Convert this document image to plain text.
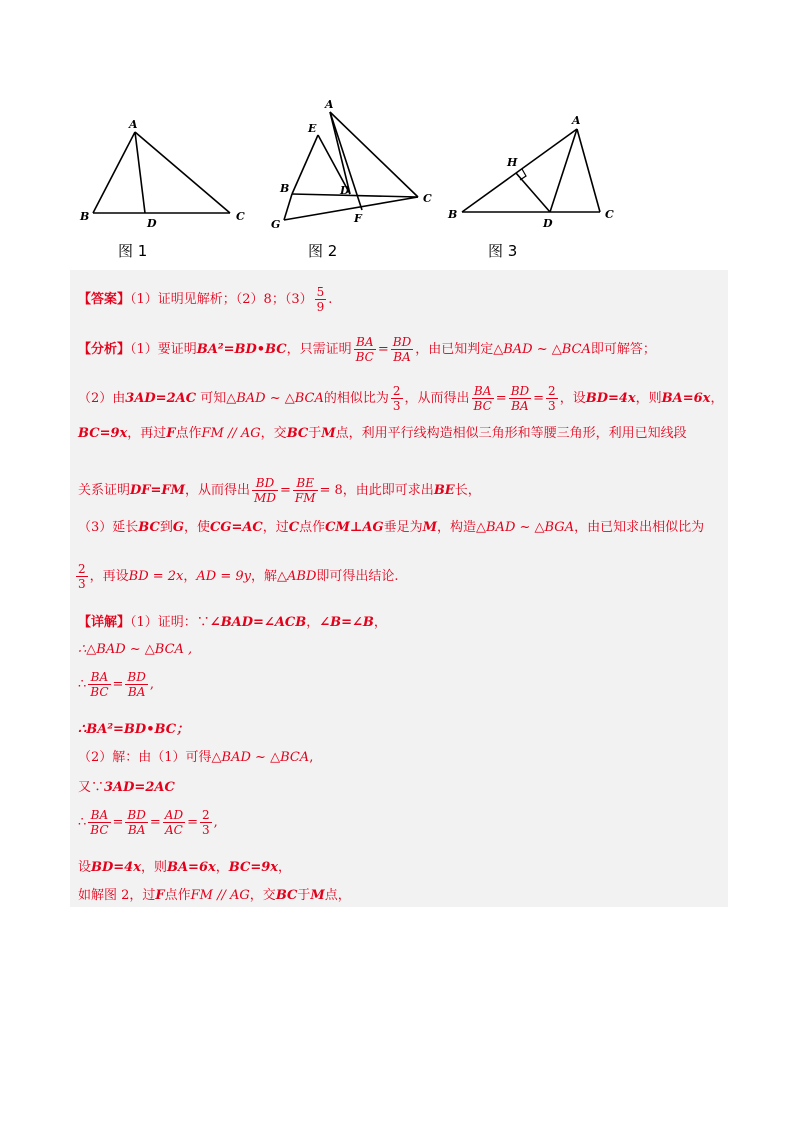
A
B	C
D
图 1
A
E
B	D
C
G	F
图 2
A
H
B
D
C
图 3
【答案】（1）证明见解析；（2）8；$(3) \frac{5}{9}$ .
【分析】（1）要证明BA²=BD•BC，只需证明 $\frac{BA}{BC} = \frac{BD}{BA}$ ，由已知判定△BAD ~ △BCA即可解答；
（2）由3AD=2AC 可知△BAD ~ △BCA的相似比为 $\frac{2}{3}$ ，从而得出 $\frac{BA}{BC} = \frac{BD}{BA} = \frac{2}{3}$ ，设BD=4x，则BA=6x，
BC=9x，再过F点作FM // AG，交BC于M点，利用平行线构造相似三角形和等腰三角形，利用已知线段
关系证明DF=FM，从而得出 $\frac{BD}{MD} = \frac{BE}{FM} = 8$，由此即可求出BE长，
（3）延长BC到G，使CG=AC，过C点作CM⊥AG垂足为M，构造△BAD ~ △BGA，由已知求出相似比为
$\frac{2}{3}$ ，再设BD = 2x，AD = 9y，解△ABD即可得出结论.
【详解】（1）证明：∵∠BAD=∠ACB，∠B=∠B，
∴△BAD ~ △BCA ,
∴ $\frac{BA}{BC} = \frac{BD}{BA}$ ,
∴BA²=BD•BC；
（2）解：由（1）可得△BAD ~ △BCA,
又∵3AD=2AC
∴ $\frac{BA}{BC} = \frac{BD}{BA} = \frac{AD}{AC} = \frac{2}{3}$ ,
设BD=4x，则BA=6x，BC=9x，
如解图 2，过F点作FM // AG，交BC于M点，
